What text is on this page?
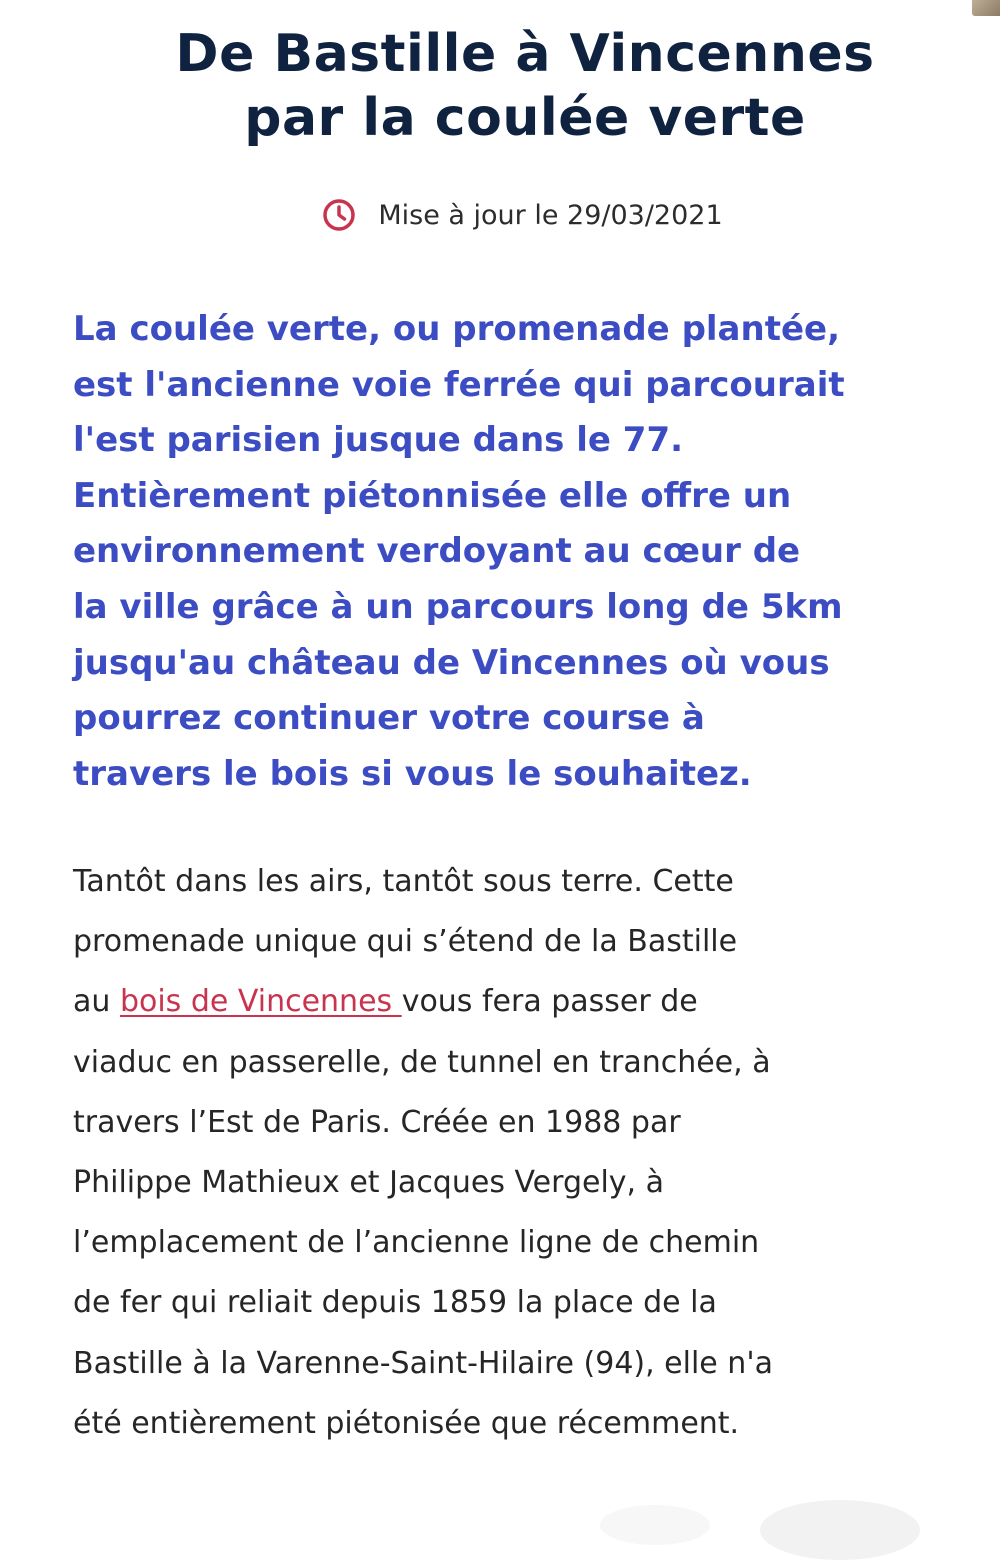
De Bastille à Vincennes
par la coulée verte
Mise à jour le 29/03/2021

La coulée verte, ou promenade plantée,
est l'ancienne voie ferrée qui parcourait
l'est parisien jusque dans le 77.
Entièrement piétonnisée elle offre un
environnement verdoyant au cœur de
la ville grâce à un parcours long de 5km
jusqu'au château de Vincennes où vous
pourrez continuer votre course à
travers le bois si vous le souhaitez.

Tantôt dans les airs, tantôt sous terre. Cette
promenade unique qui s’étend de la Bastille
au bois de Vincennes vous fera passer de
viaduc en passerelle, de tunnel en tranchée, à
travers l’Est de Paris. Créée en 1988 par
Philippe Mathieux et Jacques Vergely, à
l’emplacement de l’ancienne ligne de chemin
de fer qui reliait depuis 1859 la place de la
Bastille à la Varenne-Saint-Hilaire (94), elle n'a
été entièrement piétonisée que récemment.
